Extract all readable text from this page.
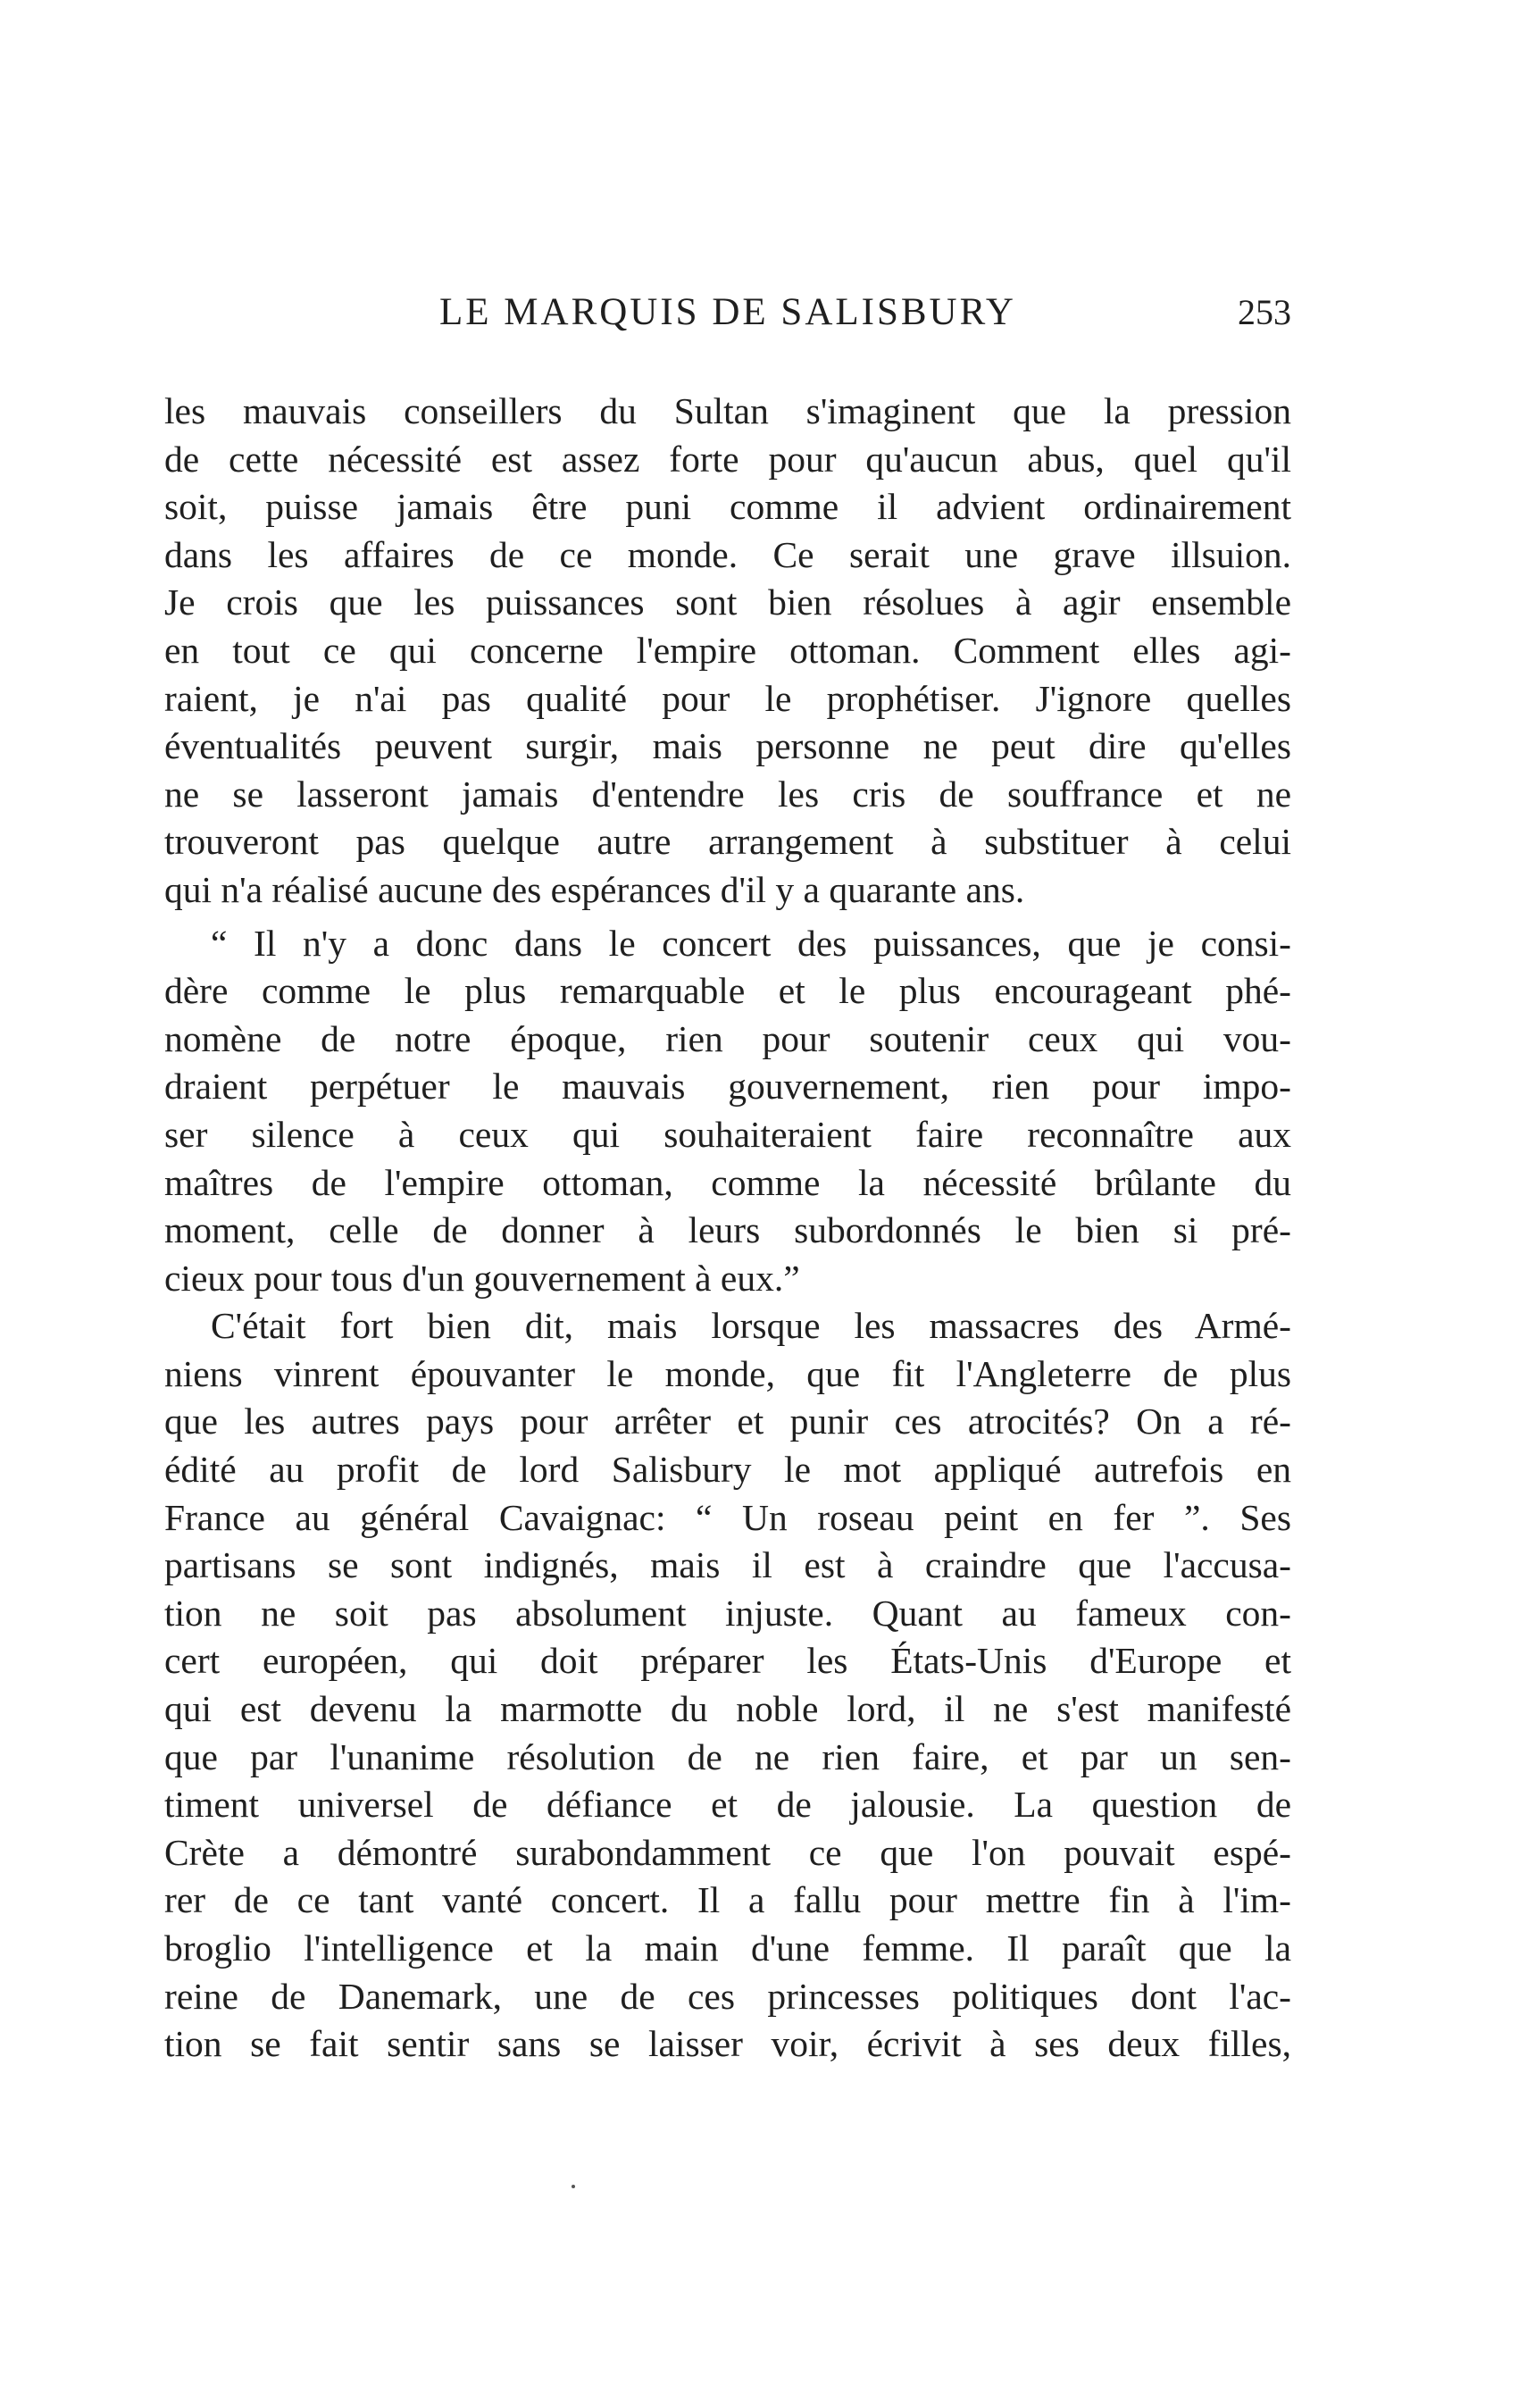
LE MARQUIS DE SALISBURY	253
les mauvais conseillers du Sultan s'imaginent que la pression
de cette nécessité est assez forte pour qu'aucun abus, quel qu'il
soit, puisse jamais être puni comme il advient ordinairement
dans les affaires de ce monde. Ce serait une grave illsuion.
Je crois que les puissances sont bien résolues à agir ensemble
en tout ce qui concerne l'empire ottoman. Comment elles agi-
raient, je n'ai pas qualité pour le prophétiser. J'ignore quelles
éventualités peuvent surgir, mais personne ne peut dire qu'elles
ne se lasseront jamais d'entendre les cris de souffrance et ne
trouveront pas quelque autre arrangement à substituer à celui
qui n'a réalisé aucune des espérances d'il y a quarante ans.
“ Il n'y a donc dans le concert des puissances, que je consi-
dère comme le plus remarquable et le plus encourageant phé-
nomène de notre époque, rien pour soutenir ceux qui vou-
draient perpétuer le mauvais gouvernement, rien pour impo-
ser silence à ceux qui souhaiteraient faire reconnaître aux
maîtres de l'empire ottoman, comme la nécessité brûlante du
moment, celle de donner à leurs subordonnés le bien si pré-
cieux pour tous d'un gouvernement à eux.”
C'était fort bien dit, mais lorsque les massacres des Armé-
niens vinrent épouvanter le monde, que fit l'Angleterre de plus
que les autres pays pour arrêter et punir ces atrocités? On a ré-
édité au profit de lord Salisbury le mot appliqué autrefois en
France au général Cavaignac: “ Un roseau peint en fer ”. Ses
partisans se sont indignés, mais il est à craindre que l'accusa-
tion ne soit pas absolument injuste. Quant au fameux con-
cert européen, qui doit préparer les États-Unis d'Europe et
qui est devenu la marmotte du noble lord, il ne s'est manifesté
que par l'unanime résolution de ne rien faire, et par un sen-
timent universel de défiance et de jalousie. La question de
Crète a démontré surabondamment ce que l'on pouvait espé-
rer de ce tant vanté concert. Il a fallu pour mettre fin à l'im-
broglio l'intelligence et la main d'une femme. Il paraît que la
reine de Danemark, une de ces princesses politiques dont l'ac-
tion se fait sentir sans se laisser voir, écrivit à ses deux filles,
